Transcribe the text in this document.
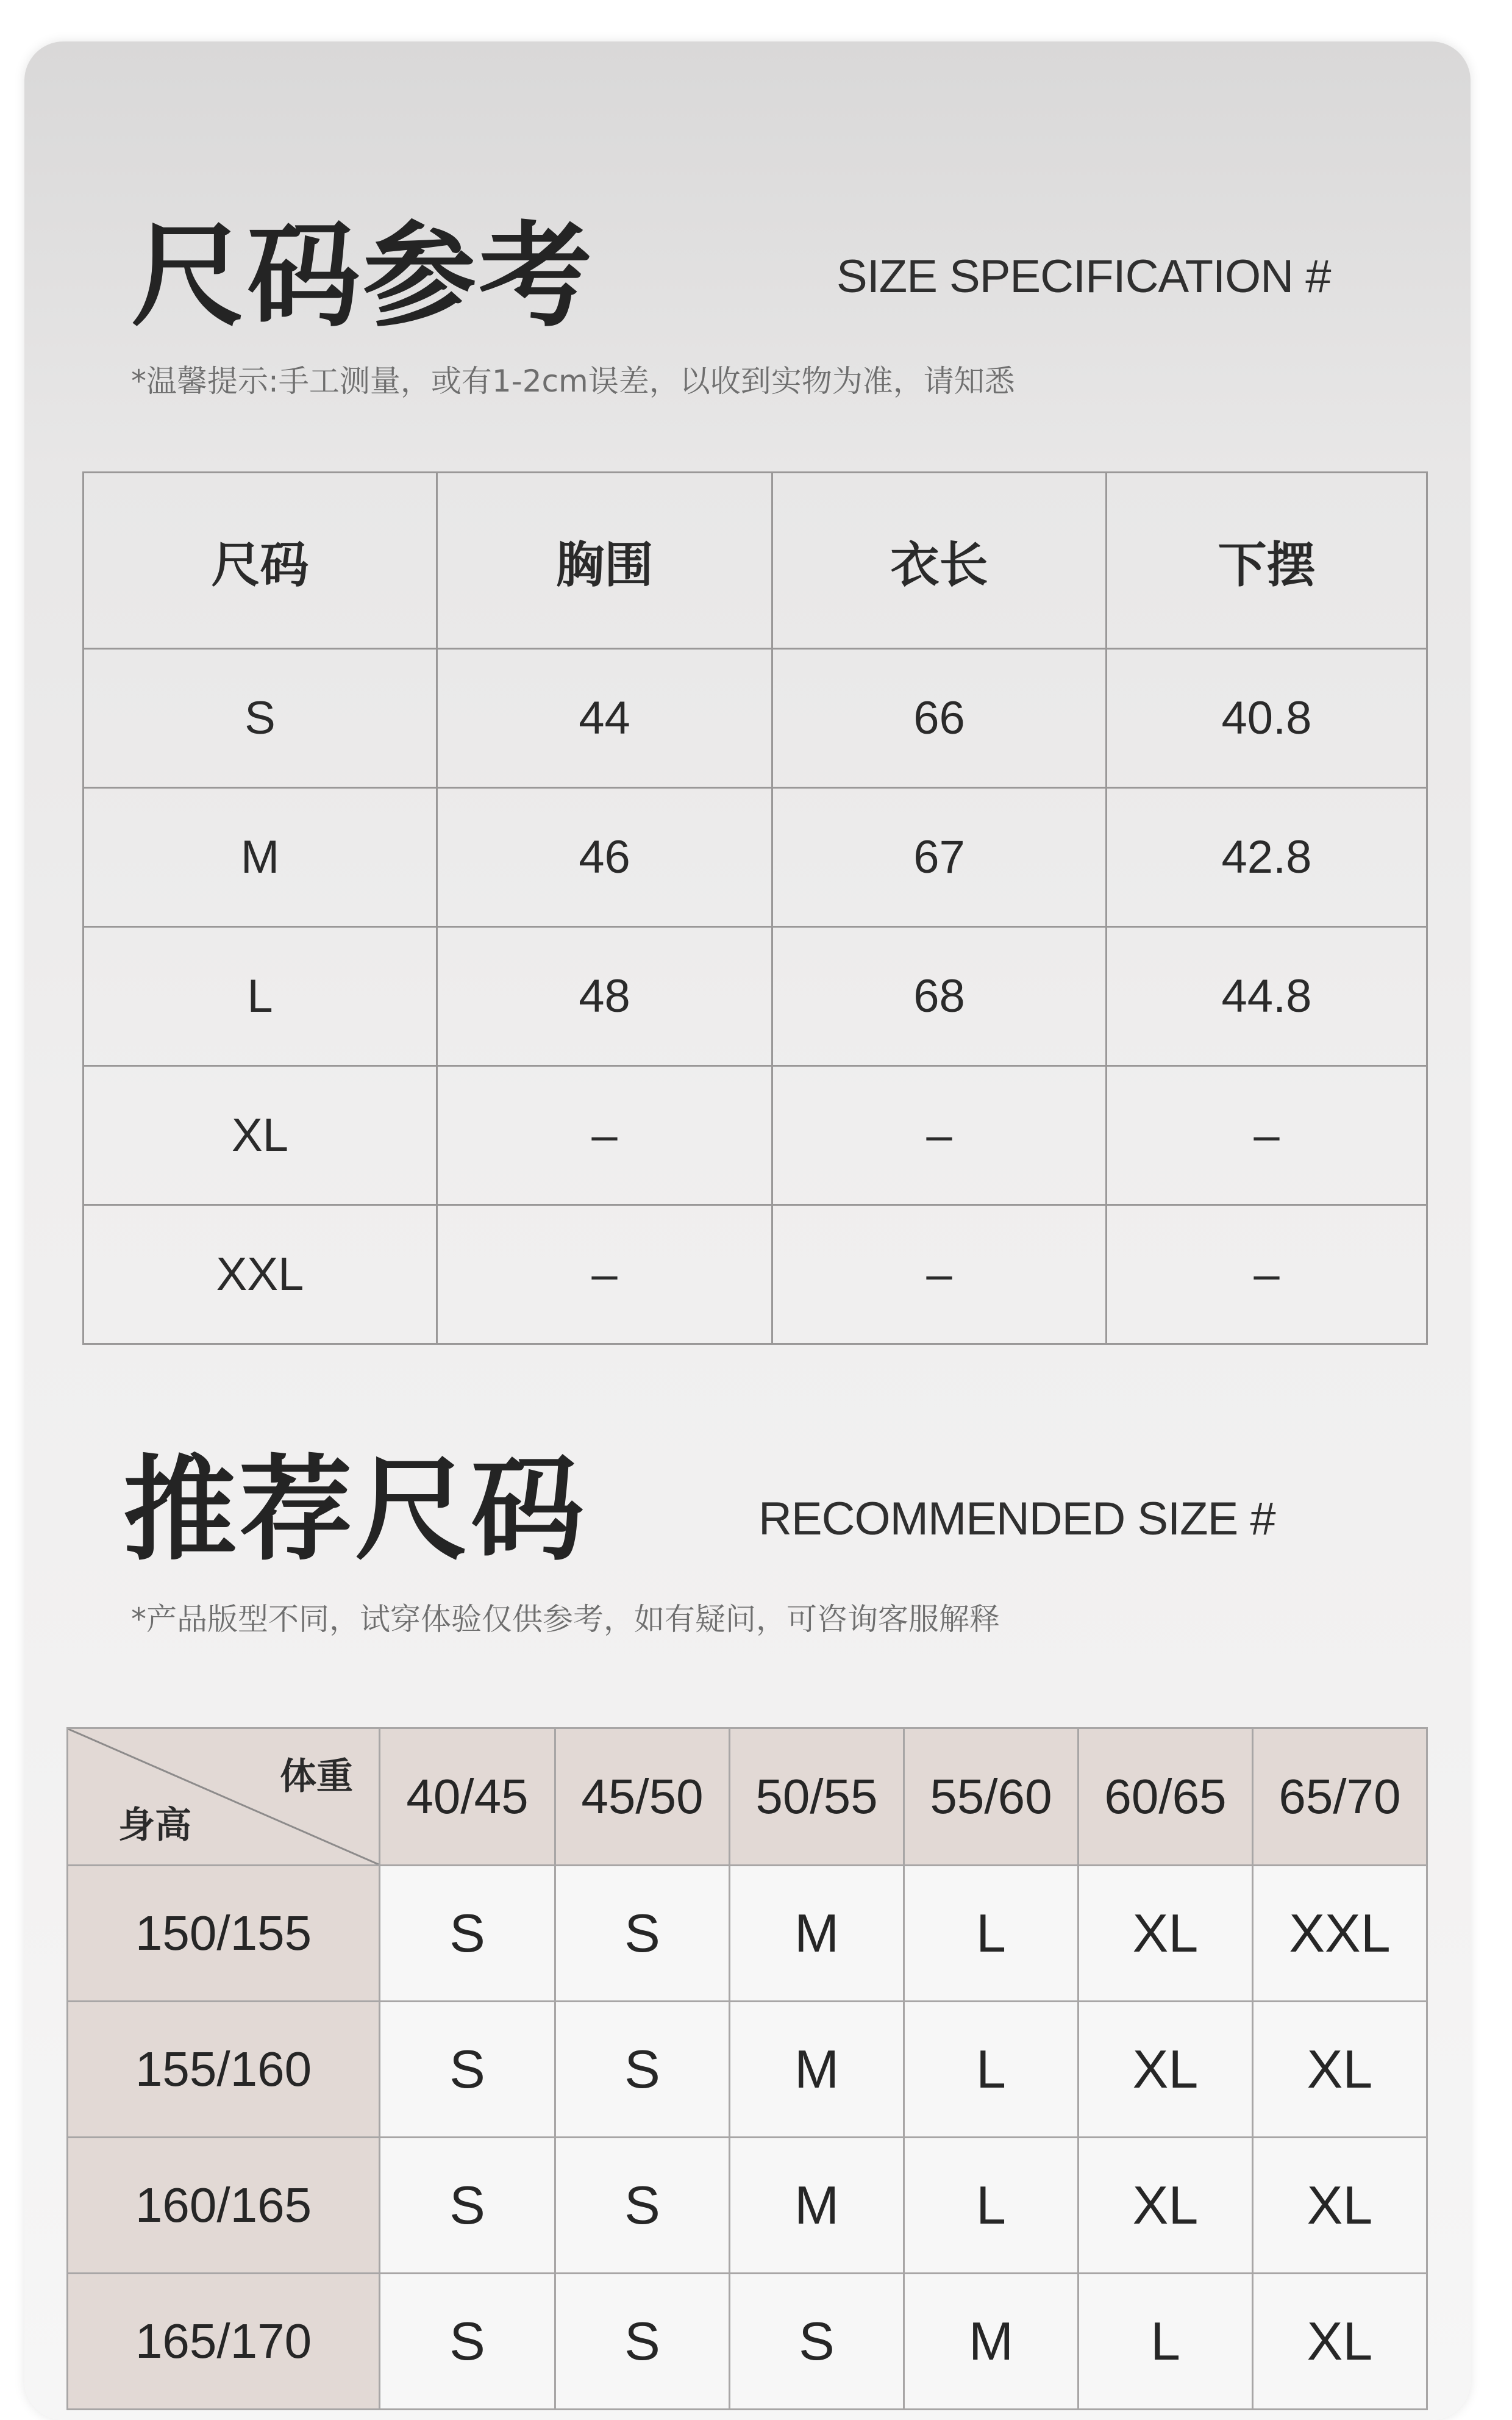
尺码参考	SIZE SPECIFICATION #
*温馨提示:手工测量，或有1-2cm误差，以收到实物为准，请知悉
尺码	胸围	衣长	下摆
S	44	66	40.8
M	46	67	42.8
L	48	68	44.8
XL	–	–	–
XXL	–	–	–
推荐尺码	RECOMMENDED SIZE #
*产品版型不同，试穿体验仅供参考，如有疑问，可咨询客服解释
体重
身高	40/45	45/50	50/55	55/60	60/65	65/70
150/155	S	S	M	L	XL	XXL
155/160	S	S	M	L	XL	XL
160/165	S	S	M	L	XL	XL
165/170	S	S	S	M	L	XL
